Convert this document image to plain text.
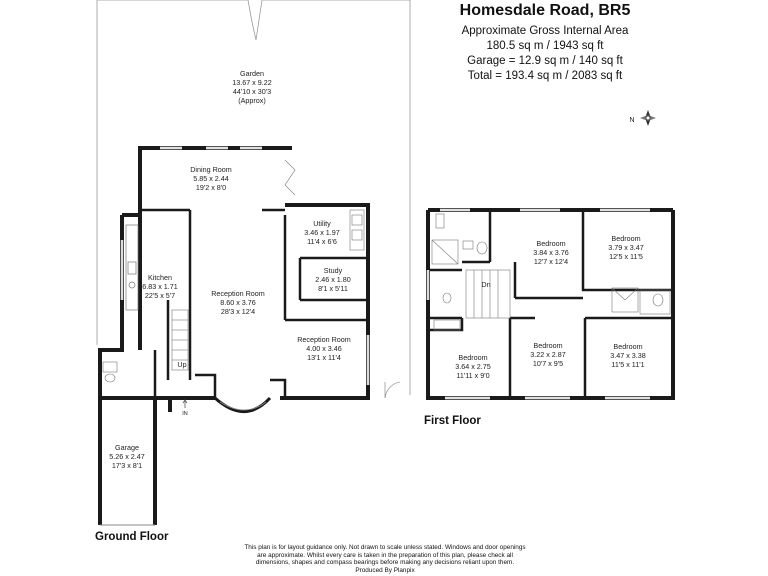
Homesdale Road, BR5
Approximate Gross Internal Area
180.5 sq m / 1943 sq ft
Garage = 12.9 sq m / 140 sq ft
Total = 193.4 sq m / 2083 sq ft
N
Garden
13.67 x 9.22
44'10 x 30'3
(Approx)
Dining Room
5.85 x 2.44
19'2 x 8'0
Utility
3.46 x 1.97
11'4 x 6'6
Study
2.46 x 1.80
8'1 x 5'11
Kitchen
6.83 x 1.71
22'5 x 5'7	Reception Room
8.60 x 3.76
28'3 x 12'4
Reception Room
4.00 x 3.46
13'1 x 11'4
Garage
5.26 x 2.47
17'3 x 8'1
Up
IN
Bedroom
3.84 x 3.76
12'7 x 12'4
Bedroom
3.79 x 3.47
12'5 x 11'5
Bedroom
3.64 x 2.75
11'11 x 9'0
Bedroom
3.22 x 2.87
10'7 x 9'5
Bedroom
3.47 x 3.38
11'5 x 11'1
Dn
Ground Floor
First Floor
This plan is for layout guidance only. Not drawn to scale unless stated. Windows and door openings
are approximate. Whilst every care is taken in the preparation of this plan, please check all
dimensions, shapes and compass bearings before making any decisions reliant upon them.
Produced By Planpix
